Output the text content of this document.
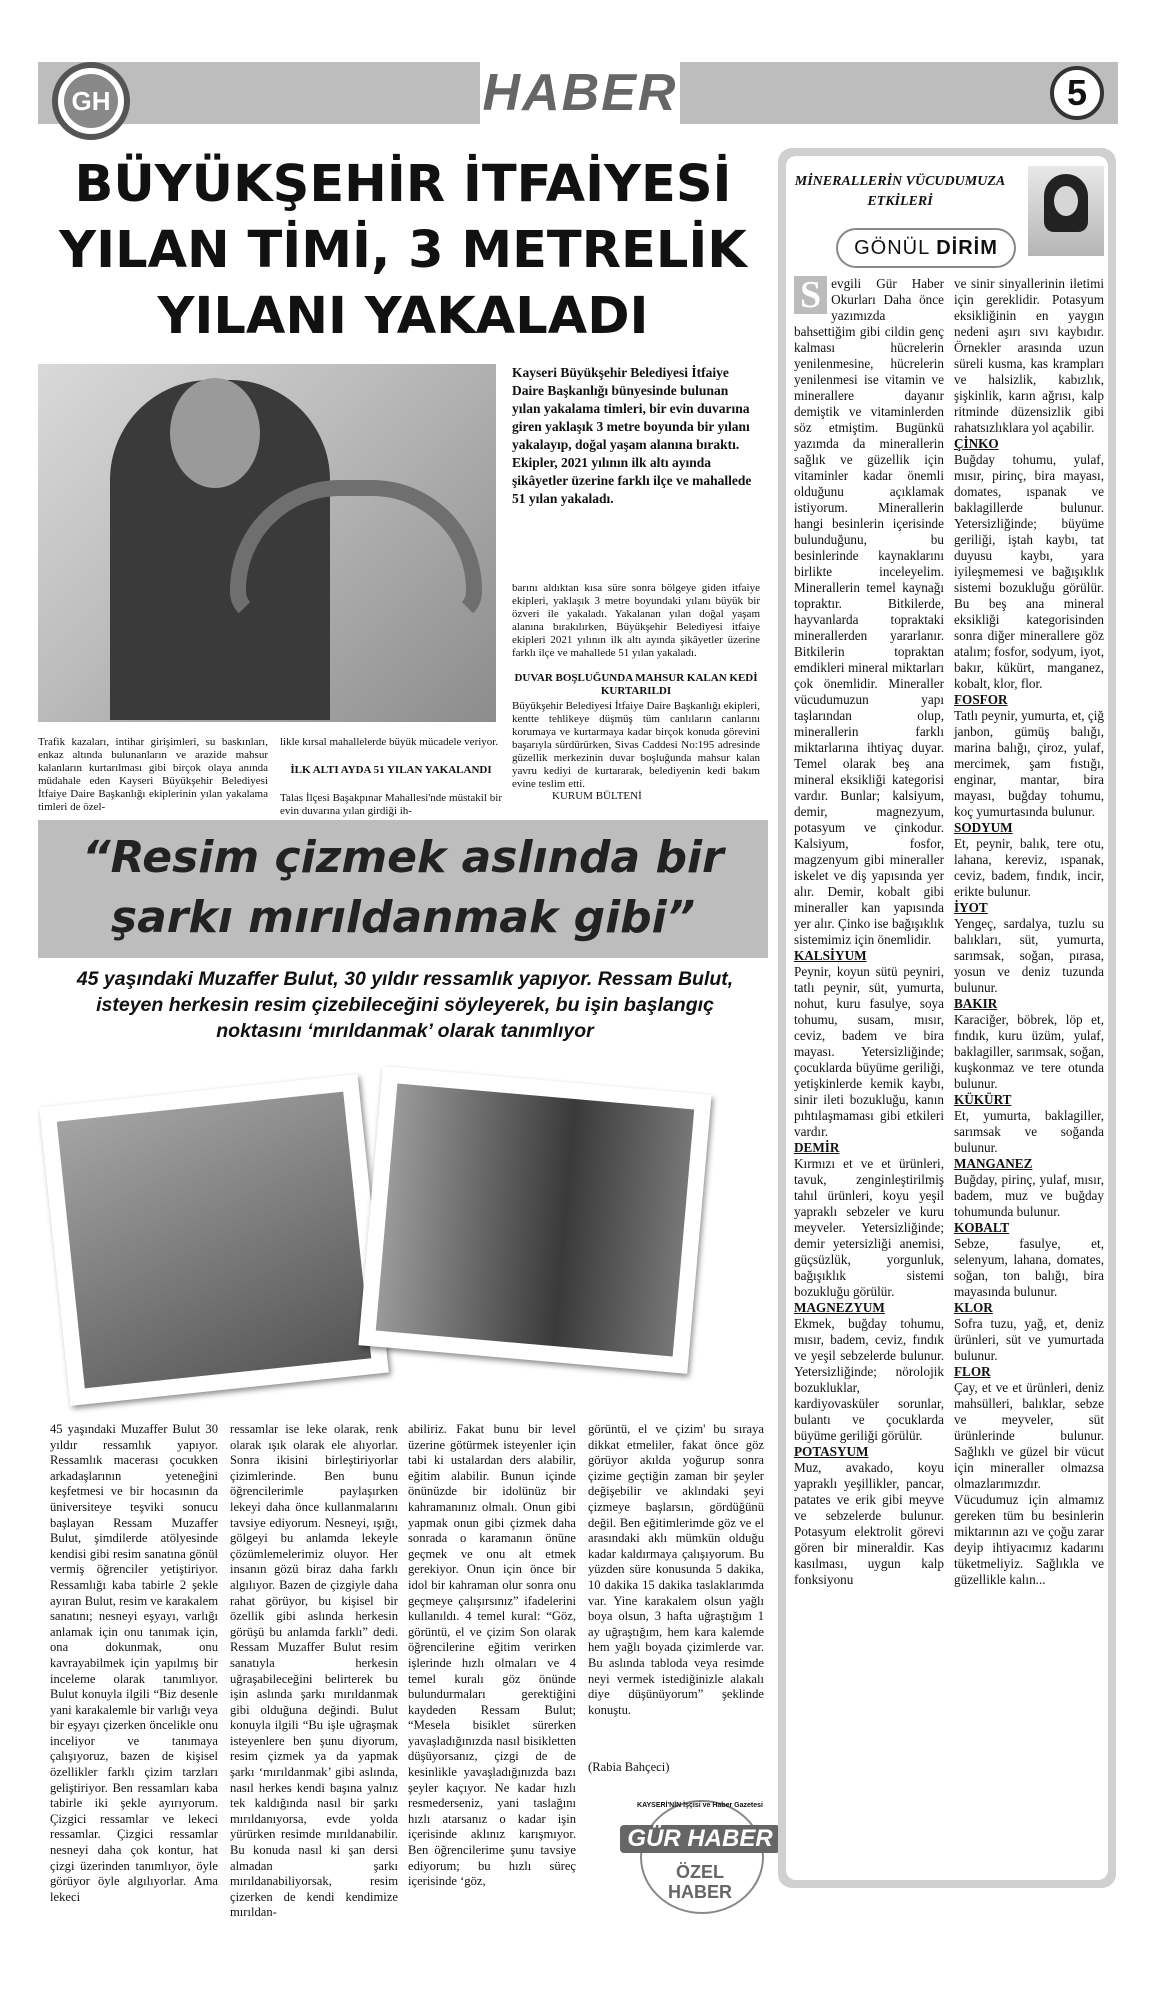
GH	HABER	5
BÜYÜKŞEHİR İTFAİYESİ YILAN TİMİ, 3 METRELİK YILANI YAKALADI
Kayseri Büyükşehir Belediyesi İtfaiye Daire Başkanlığı bünyesinde bulunan yılan yakalama timleri, bir evin duvarına giren yaklaşık 3 metre boyunda bir yılanı yakalayıp, doğal yaşam alanına bıraktı. Ekipler, 2021 yılının ilk altı ayında şikâyetler üzerine farklı ilçe ve mahallede 51 yılan yakaladı.
barını aldıktan kısa süre sonra bölgeye giden itfaiye ekipleri, yaklaşık 3 metre boyundaki yılanı büyük bir özveri ile yakaladı. Yakalanan yılan doğal yaşam alanına bırakılırken, Büyükşehir Belediyesi itfaiye ekipleri 2021 yılının ilk altı ayında şikâyetler üzerine farklı ilçe ve mahallede 51 yılan yakaladı.
DUVAR BOŞLUĞUNDA MAHSUR KALAN KEDİ KURTARILDI
Büyükşehir Belediyesi İtfaiye Daire Başkanlığı ekipleri, kentte tehlikeye düşmüş tüm canlıların canlarını korumaya ve kurtarmaya kadar birçok konuda görevini başarıyla sürdürürken, Sivas Caddesi No:195 adresinde güzellik merkezinin duvar boşluğunda mahsur kalan yavru kediyi de kurtararak, belediyenin kedi bakım evine teslim etti.
KURUM BÜLTENİ
Trafik kazaları, intihar girişimleri, su baskınları, enkaz altında bulunanların ve arazide mahsur kalanların kurtarılması gibi birçok olaya anında müdahale eden Kayseri Büyükşehir Belediyesi İtfaiye Daire Başkanlığı ekiplerinin yılan yakalama timleri de özel-
likle kırsal mahallelerde büyük mücadele veriyor.
İLK ALTI AYDA 51 YILAN YAKALANDI
Talas İlçesi Başakpınar Mahallesi'nde müstakil bir evin duvarına yılan girdiği ih-
“Resim çizmek aslında bir şarkı mırıldanmak gibi”
45 yaşındaki Muzaffer Bulut, 30 yıldır ressamlık yapıyor. Ressam Bulut, isteyen herkesin resim çizebileceğini söyleyerek, bu işin başlangıç noktasını ‘mırıldanmak’ olarak tanımlıyor
45 yaşındaki Muzaffer Bulut 30 yıldır ressamlık yapıyor. Ressamlık macerası çocukken arkadaşlarının yeteneğini keşfetmesi ve bir hocasının da üniversiteye teşviki sonucu başlayan Ressam Muzaffer Bulut, şimdilerde atölyesinde kendisi gibi resim sanatına gönül vermiş öğrenciler yetiştiriyor. Ressamlığı kaba tabirle 2 şekle ayıran Bulut, resim ve karakalem sanatını; nesneyi eşyayı, varlığı anlamak için onu tanımak için, ona dokunmak, onu kavrayabilmek için yapılmış bir inceleme olarak tanımlıyor. Bulut konuyla ilgili “Biz desenle yani karakalemle bir varlığı veya bir eşyayı çizerken öncelikle onu inceliyor ve tanımaya çalışıyoruz, bazen de kişisel özellikler farklı çizim tarzları geliştiriyor. Ben ressamları kaba tabirle iki şekle ayırıyorum. Çizgici ressamlar ve lekeci ressamlar. Çizgici ressamlar nesneyi daha çok kontur, hat çizgi üzerinden tanımlıyor, öyle görüyor öyle algılıyorlar. Ama lekeci
ressamlar ise leke olarak, renk olarak ışık olarak ele alıyorlar. Sonra ikisini birleştiriyorlar çizimlerinde. Ben bunu öğrencilerimle paylaşırken lekeyi daha önce kullanmalarını tavsiye ediyorum. Nesneyi, ışığı, gölgeyi bu anlamda lekeyle çözümlemelerimiz oluyor. Her insanın gözü biraz daha farklı algılıyor. Bazen de çizgiyle daha rahat görüyor, bu kişisel bir özellik gibi aslında herkesin görüşü bu anlamda farklı” dedi. Ressam Muzaffer Bulut resim sanatıyla herkesin uğraşabileceğini belirterek bu işin aslında şarkı mırıldanmak gibi olduğuna değindi. Bulut konuyla ilgili “Bu işle uğraşmak isteyenlere ben şunu diyorum, resim çizmek ya da yapmak şarkı ‘mırıldanmak’ gibi aslında, nasıl herkes kendi başına yalnız tek kaldığında nasıl bir şarkı mırıldanıyorsa, evde yolda yürürken resimde mırıldanabilir. Bu konuda nasıl ki şan dersi almadan şarkı mırıldanabiliyorsak, resim çizerken de kendi kendimize mırıldan-
abiliriz. Fakat bunu bir level üzerine götürmek isteyenler için tabi ki ustalardan ders alabilir, eğitim alabilir. Bunun içinde önünüzde bir idolünüz bir kahramanınız olmalı. Onun gibi yapmak onun gibi çizmek daha sonrada o karamanın önüne geçmek ve onu alt etmek gerekiyor. Onun için önce bir idol bir kahraman olur sonra onu geçmeye çalışırsınız” ifadelerini kullanıldı. 4 temel kural: “Göz, görüntü, el ve çizim Son olarak öğrencilerine eğitim verirken işlerinde hızlı olmaları ve 4 temel kuralı göz önünde bulundurmaları gerektiğini kaydeden Ressam Bulut; “Mesela bisiklet sürerken yavaşladığınızda nasıl bisikletten düşüyorsanız, çizgi de de kesinlikle yavaşladığınızda bazı şeyler kaçıyor. Ne kadar hızlı resmederseniz, yani taslağını hızlı atarsanız o kadar işin içerisinde aklınız karışmıyor. Ben öğrencilerime şunu tavsiye ediyorum; bu hızlı süreç içerisinde ‘göz,
görüntü, el ve çizim' bu sıraya dikkat etmeliler, fakat önce göz görüyor akılda yoğurup sonra çizime geçtiğin zaman bir şeyler değişebilir ve aklındaki şeyi çizmeye başlarsın, gördüğünü değil. Ben eğitimlerimde göz ve el arasındaki aklı mümkün olduğu kadar kaldırmaya çalışıyorum. Bu yüzden süre konusunda 5 dakika, 10 dakika 15 dakika taslaklarımda var. Yine karakalem olsun yağlı boya olsun, 3 hafta uğraştığım 1 ay uğraştığım, hem kara kalemde hem yağlı boyada çizimlerde var. Bu aslında tabloda veya resimde neyi vermek istediğinizle alakalı diye düşünüyorum” şeklinde konuştu.
(Rabia Bahçeci)
KAYSERİ'NİN İşçisi ve Haber Gazetesi
GÜR HABER
ÖZEL HABER
MİNERALLERİN VÜCUDUMUZA ETKİLERİ
GÖNÜL DİRİM
S evgili Gür Haber Okurları Daha önce yazımızda bahsettiğim gibi cildin genç kalması hücrelerin yenilenmesine, hücrelerin yenilenmesi ise vitamin ve minerallere dayanır demiştik ve vitaminlerden söz etmiştim. Bugünkü yazımda da minerallerin sağlık ve güzellik için vitaminler kadar önemli olduğunu açıklamak istiyorum. Minerallerin hangi besinlerin içerisinde bulunduğunu, bu besinlerinde kaynaklarını birlikte inceleyelim. Minerallerin temel kaynağı topraktır. Bitkilerde, hayvanlarda topraktaki minerallerden yararlanır. Bitkilerin topraktan emdikleri mineral miktarları çok önemlidir. Mineraller vücudumuzun yapı taşlarından olup, minerallerin farklı miktarlarına ihtiyaç duyar. Temel olarak beş ana mineral eksikliği kategorisi vardır. Bunlar; kalsiyum, demir, magnezyum, potasyum ve çinkodur. Kalsiyum, fosfor, magzenyum gibi mineraller iskelet ve diş yapısında yer alır. Demir, kobalt gibi mineraller kan yapısında yer alır. Çinko ise bağışıklık sistemimiz için önemlidir.
KALSİYUM
Peynir, koyun sütü peyniri, tatlı peynir, süt, yumurta, nohut, kuru fasulye, soya tohumu, susam, mısır, ceviz, badem ve bira mayası. Yetersizliğinde; çocuklarda büyüme geriliği, yetişkinlerde kemik kaybı, sinir ileti bozukluğu, kanın pıhtılaşmaması gibi etkileri vardır.
DEMİR
Kırmızı et ve et ürünleri, tavuk, zenginleştirilmiş tahıl ürünleri, koyu yeşil yapraklı sebzeler ve kuru meyveler. Yetersizliğinde; demir yetersizliği anemisi, güçsüzlük, yorgunluk, bağışıklık sistemi bozukluğu görülür.
MAGNEZYUM
Ekmek, buğday tohumu, mısır, badem, ceviz, fındık ve yeşil sebzelerde bulunur. Yetersizliğinde; nörolojik bozukluklar, kardiyovasküler sorunlar, bulantı ve çocuklarda büyüme geriliği görülür.
POTASYUM
Muz, avakado, koyu yapraklı yeşillikler, pancar, patates ve erik gibi meyve ve sebzelerde bulunur. Potasyum elektrolit görevi gören bir mineraldir. Kas kasılması, uygun kalp fonksiyonu
ve sinir sinyallerinin iletimi için gereklidir. Potasyum eksikliğinin en yaygın nedeni aşırı sıvı kaybıdır. Örnekler arasında uzun süreli kusma, kas krampları ve halsizlik, kabızlık, şişkinlik, karın ağrısı, kalp ritminde düzensizlik gibi rahatsızlıklara yol açabilir.
ÇİNKO
Buğday tohumu, yulaf, mısır, pirinç, bira mayası, domates, ıspanak ve baklagillerde bulunur. Yetersizliğinde; büyüme geriliği, iştah kaybı, tat duyusu kaybı, yara iyileşmemesi ve bağışıklık sistemi bozukluğu görülür. Bu beş ana mineral eksikliği kategorisinden sonra diğer minerallere göz atalım; fosfor, sodyum, iyot, bakır, kükürt, manganez, kobalt, klor, flor.
FOSFOR
Tatlı peynir, yumurta, et, çiğ janbon, gümüş balığı, marina balığı, çiroz, yulaf, mercimek, şam fıstığı, enginar, mantar, bira mayası, buğday tohumu, koç yumurtasında bulunur.
SODYUM
Et, peynir, balık, tere otu, lahana, kereviz, ıspanak, ceviz, badem, fındık, incir, erikte bulunur.
İYOT
Yengeç, sardalya, tuzlu su balıkları, süt, yumurta, sarımsak, soğan, pırasa, yosun ve deniz tuzunda bulunur.
BAKIR
Karaciğer, böbrek, löp et, fındık, kuru üzüm, yulaf, baklagiller, sarımsak, soğan, kuşkonmaz ve tere otunda bulunur.
KÜKÜRT
Et, yumurta, baklagiller, sarımsak ve soğanda bulunur.
MANGANEZ
Buğday, pirinç, yulaf, mısır, badem, muz ve buğday tohumunda bulunur.
KOBALT
Sebze, fasulye, et, selenyum, lahana, domates, soğan, ton balığı, bira mayasında bulunur.
KLOR
Sofra tuzu, yağ, et, deniz ürünleri, süt ve yumurtada bulunur.
FLOR
Çay, et ve et ürünleri, deniz mahsülleri, balıklar, sebze ve meyveler, süt ürünlerinde bulunur. Sağlıklı ve güzel bir vücut için mineraller olmazsa olmazlarımızdır. Vücudumuz için almamız gereken tüm bu besinlerin miktarının azı ve çoğu zarar deyip ihtiyacımız kadarını tüketmeliyiz. Sağlıkla ve güzellikle kalın...
